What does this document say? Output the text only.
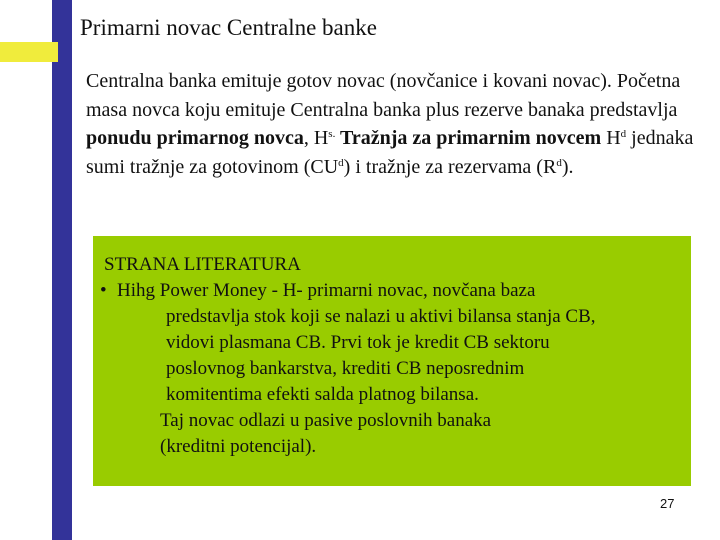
Primarni novac Centralne banke
Centralna banka emituje gotov novac (novčanice i kovani novac). Početna masa novca koju emituje Centralna banka plus rezerve banaka predstavlja ponudu primarnog novca, $H^{s.}$ Tražnja za primarnim novcem $H^d$ jednaka sumi tražnje za gotovinom $(CU^d)$ i tražnje za rezervama $(R^d)$.
STRANA LITERATURA
• Hihg Power Money - H- primarni novac, novčana baza
predstavlja stok koji se nalazi u aktivi bilansa stanja CB,
vidovi plasmana CB. Prvi tok je kredit CB sektoru
poslovnog bankarstva, krediti CB neposrednim
komitentima efekti salda platnog bilansa.
Taj novac odlazi u pasive poslovnih banaka
(kreditni potencijal).
27
